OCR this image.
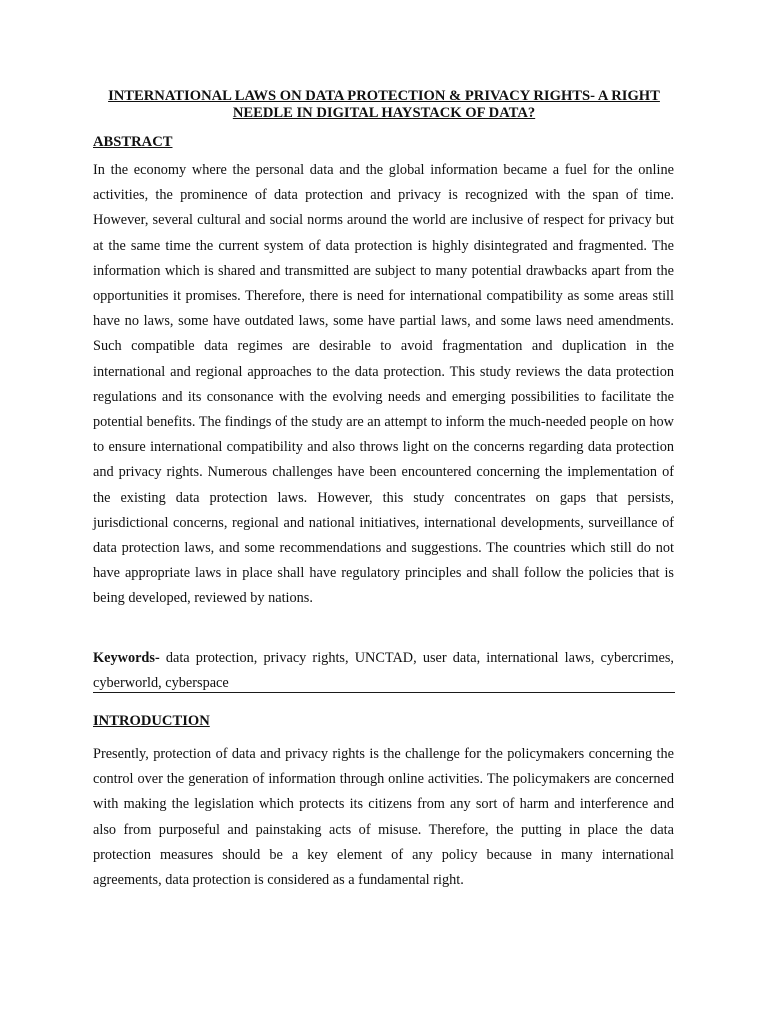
INTERNATIONAL LAWS ON DATA PROTECTION & PRIVACY RIGHTS- A RIGHT NEEDLE IN DIGITAL HAYSTACK OF DATA?
ABSTRACT

In the economy where the personal data and the global information became a fuel for the online activities, the prominence of data protection and privacy is recognized with the span of time. However, several cultural and social norms around the world are inclusive of respect for privacy but at the same time the current system of data protection is highly disintegrated and fragmented. The information which is shared and transmitted are subject to many potential drawbacks apart from the opportunities it promises. Therefore, there is need for international compatibility as some areas still have no laws, some have outdated laws, some have partial laws, and some laws need amendments. Such compatible data regimes are desirable to avoid fragmentation and duplication in the international and regional approaches to the data protection. This study reviews the data protection regulations and its consonance with the evolving needs and emerging possibilities to facilitate the potential benefits. The findings of the study are an attempt to inform the much-needed people on how to ensure international compatibility and also throws light on the concerns regarding data protection and privacy rights. Numerous challenges have been encountered concerning the implementation of the existing data protection laws. However, this study concentrates on gaps that persists, jurisdictional concerns, regional and national initiatives, international developments, surveillance of data protection laws, and some recommendations and suggestions. The countries which still do not have appropriate laws in place shall have regulatory principles and shall follow the policies that is being developed, reviewed by nations.

Keywords- data protection, privacy rights, UNCTAD, user data, international laws, cybercrimes, cyberworld, cyberspace

INTRODUCTION

Presently, protection of data and privacy rights is the challenge for the policymakers concerning the control over the generation of information through online activities. The policymakers are concerned with making the legislation which protects its citizens from any sort of harm and interference and also from purposeful and painstaking acts of misuse. Therefore, the putting in place the data protection measures should be a key element of any policy because in many international agreements, data protection is considered as a fundamental right.
